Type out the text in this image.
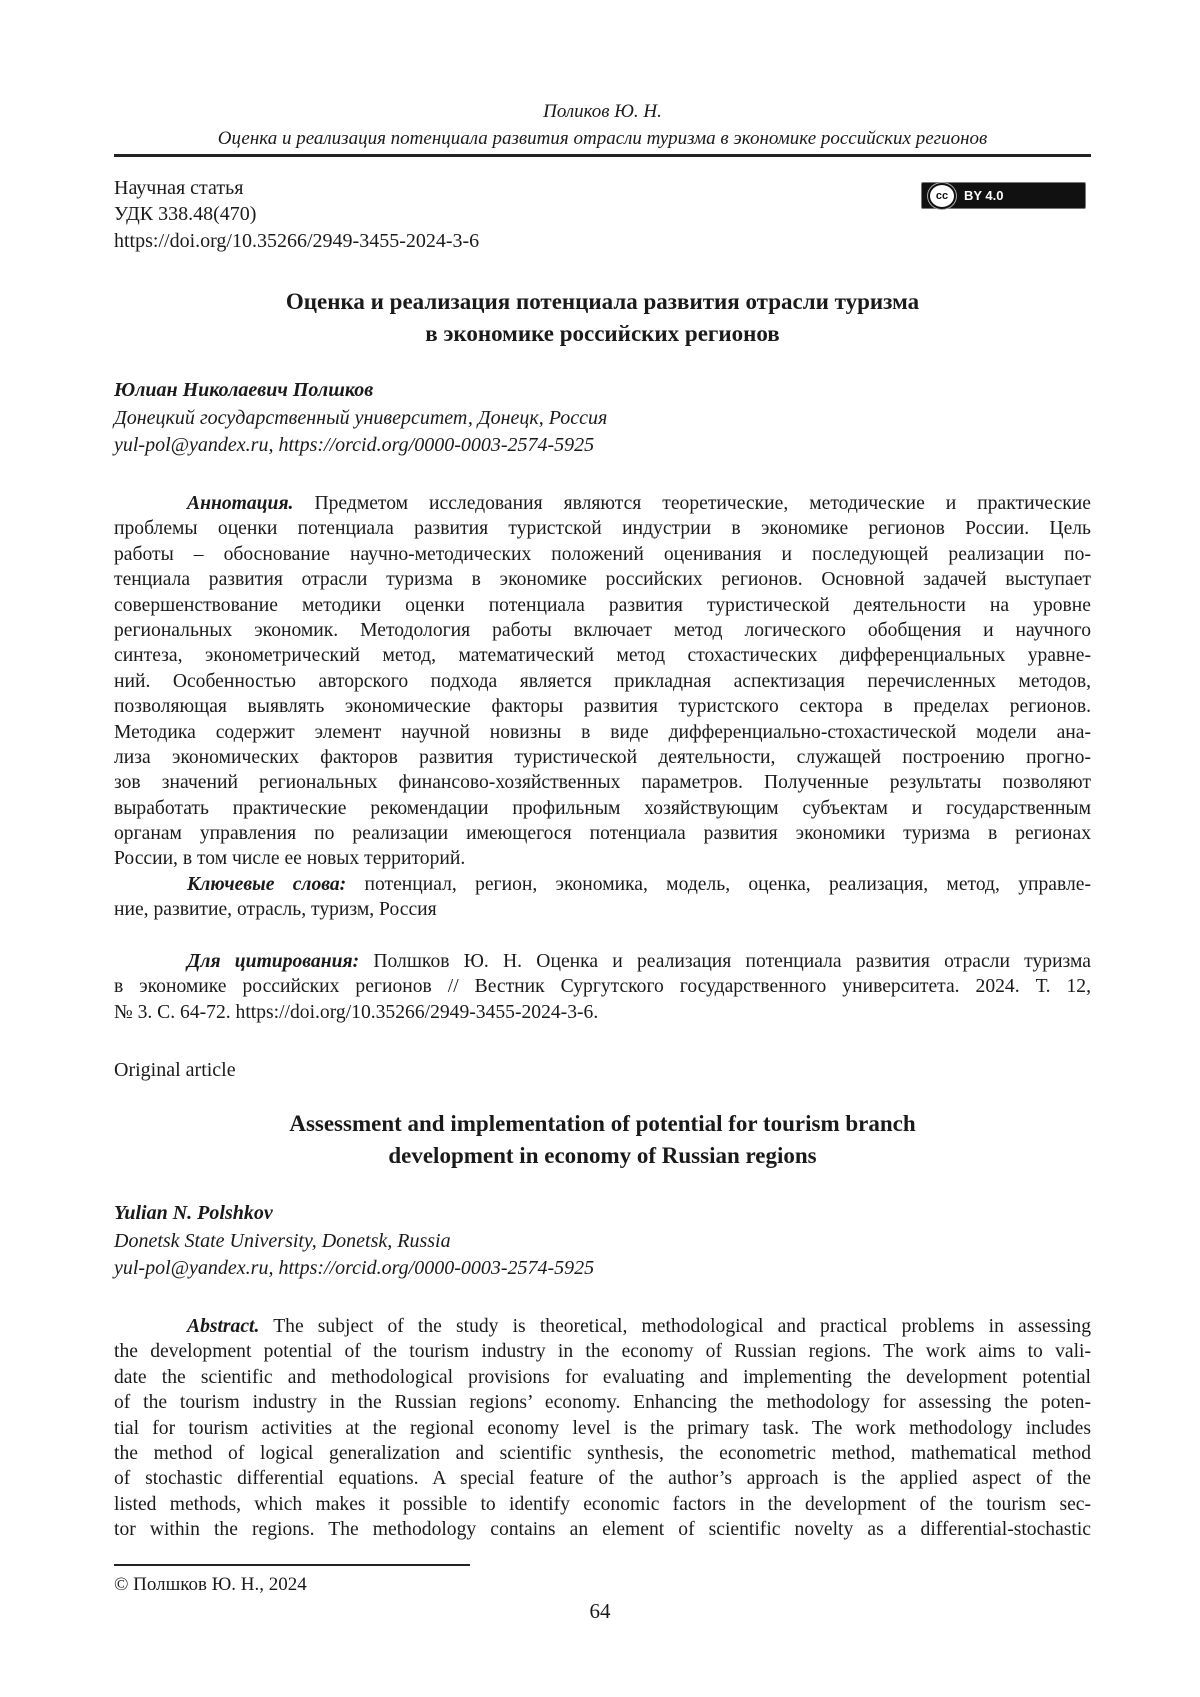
Поликов Ю. Н.
Оценка и реализация потенциала развития отрасли туризма в экономике российских регионов
Научная статья
УДК 338.48(470)
https://doi.org/10.35266/2949-3455-2024-3-6
cc	BY 4.0
Оценка и реализация потенциала развития отрасли туризма
в экономике российских регионов
Юлиан Николаевич Полшков
Донецкий государственный университет, Донецк, Россия
yul-pol@yandex.ru, https://orcid.org/0000-0003-2574-5925
Аннотация. Предметом исследования являются теоретические, методические и практические
проблемы оценки потенциала развития туристской индустрии в экономике регионов России. Цель
работы – обоснование научно-методических положений оценивания и последующей реализации по-
тенциала развития отрасли туризма в экономике российских регионов. Основной задачей выступает
совершенствование методики оценки потенциала развития туристической деятельности на уровне
региональных экономик. Методология работы включает метод логического обобщения и научного
синтеза, эконометрический метод, математический метод стохастических дифференциальных уравне-
ний. Особенностью авторского подхода является прикладная аспектизация перечисленных методов,
позволяющая выявлять экономические факторы развития туристского сектора в пределах регионов.
Методика содержит элемент научной новизны в виде дифференциально-стохастической модели ана-
лиза экономических факторов развития туристической деятельности, служащей построению прогно-
зов значений региональных финансово-хозяйственных параметров. Полученные результаты позволяют
выработать практические рекомендации профильным хозяйствующим субъектам и государственным
органам управления по реализации имеющегося потенциала развития экономики туризма в регионах
России, в том числе ее новых территорий.
Ключевые слова: потенциал, регион, экономика, модель, оценка, реализация, метод, управле-
ние, развитие, отрасль, туризм, Россия
Для цитирования: Полшков Ю. Н. Оценка и реализация потенциала развития отрасли туризма
в экономике российских регионов // Вестник Сургутского государственного университета. 2024. Т. 12,
№ 3. С. 64-72. https://doi.org/10.35266/2949-3455-2024-3-6.
Original article
Assessment and implementation of potential for tourism branch
development in economy of Russian regions
Yulian N. Polshkov
Donetsk State University, Donetsk, Russia
yul-pol@yandex.ru, https://orcid.org/0000-0003-2574-5925
Abstract. The subject of the study is theoretical, methodological and practical problems in assessing
the development potential of the tourism industry in the economy of Russian regions. The work aims to vali-
date the scientific and methodological provisions for evaluating and implementing the development potential
of the tourism industry in the Russian regions’ economy. Enhancing the methodology for assessing the poten-
tial for tourism activities at the regional economy level is the primary task. The work methodology includes
the method of logical generalization and scientific synthesis, the econometric method, mathematical method
of stochastic differential equations. A special feature of the author’s approach is the applied aspect of the
listed methods, which makes it possible to identify economic factors in the development of the tourism sec-
tor within the regions. The methodology contains an element of scientific novelty as a differential-stochastic
© Полшков Ю. Н., 2024
64
